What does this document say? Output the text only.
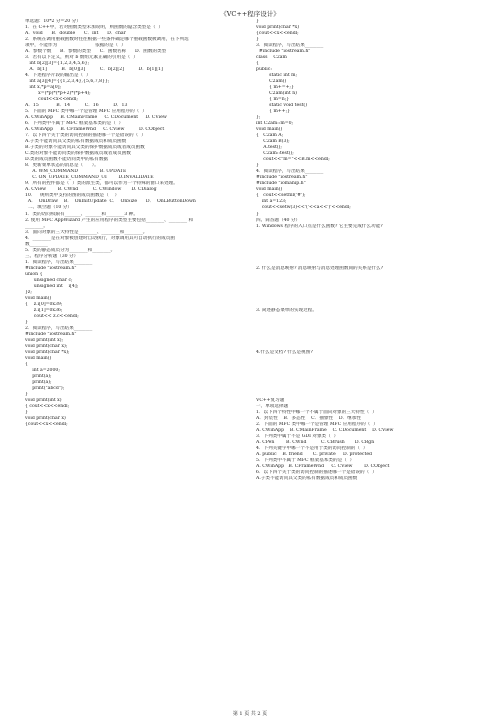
《VC++程序设计》
单选题：10*2 分=20 分）
1．在 C++中，若对函数类型未加说明，则函数的隐含类型是（  ）
A．void      B．double      C．int      D．char
2．系统在调用重载函数时往往根据一些条件确定哪个重载函数被调用，在下列选
项中，不能作为                          依据的是（  ）
A．参数个数      B．参数的类型      C．函数名称      D．函数的类型
3．若有以下定义，则对 b 数组元素正确的引用是（  ）
int b[2][3]={1,2,3,4,5,6};
A．b[1]          B．b[0][3]          C．b[2][2]          D．b[1][1]
4．下述程序片段的输出是（  ）
int a[3][4]={{1,2,3,4},{5,6,7,8}};
int x,*p=a[0];
x=(*p)*(*p+2)*(*p+4);
cout<<x<<endl;
A．15            B．14          C．16          D．13
5．下面的 MFC 类中哪一个是管理 MFC 应用程序的（  ）
A. CWinApp     B. CMainFrame     C. CDocument     D. CView
6．下列类中不属于 MFC 框架基本类的是（  ）
A. CWinApp     B. CFrameWnd     C. CView          D. CObject
7．以下四个关于类的访问控制的描述哪一个是错误的（  ）
A.子类不能访问其父类的私有数据成员和成员函数
B.子类的对象不能访问其父类的保护数据成员或者成员函数
C.类的对象不能访问类的保护数据成员或者成员函数
D.类的成员函数不能访问类中的私有数据
8．更新菜单状态的消息是（      ）。
A. WM_COMMAND               B. UPDATE
C. ON_UPDATE_COMMAND_UI        D.INVALIDATE
9．所有的控件都是（  ）类的派生类，都可以作为一个特殊的窗口来处理。
A. CView        B. CWnd          C. CWindow       D. CDialog
10．   规则类中支持的图的成员函数是（    ）
A．  OnDraw    B．  OnInitUpdate  C．  OnSize      D．  OnLButtonDown
二、填空题（10 分）
1．类的访问权限有_______、_______和________3 种。
2. 使用 MFC AppWizard 产生的应用程序的类型主要包括________、________ 和
________。
3．面向对象的三大特性是________、________和________。
4．________是在对象被创建时自动执行，对象调用其可自动执行的成员函
数________
5．类的静态成员分为________和________。
三、程序分析题（30 分）
1．阅读程序，写出结果________
#include "iostream.h"
union {
unsigned char c;
unsigned int    i[4];
}z;
void main()
{    z.i[0]=0x39;
z.i[1]=0x36;
cout<< z.c<<endl;
}
2．阅读程序，写出结果________
#include "iostream.h"
void print(int x);
void print(char x);
void print(char *x);
void main()
{
int a=2000;
print(a);
print(a);
print("abcd");
}
void print(int x)
{ cout<<x<<endl;
}
void print(char x)
{cout<<x<<endl;
}
void print(char *x)
{cout<<x<<endl;
}
3．阅读程序，写出结果________
#include "iostream.h"
class    C2am
{
public:
static int m;
C2am()
{ m+=+;}
C2am(int n)
{ m=n;}
static void test()
{ m++;}
};
int C2am::m=0;
void main()
{   C2am A;
C2am B(3);
A.test();
C2am::test();
cout<<"m="<<B.m<<endl;
}
4．阅读程序，写出结果________
#include "iostream.h"
#include "iomanip.h"
void main()
{   cout<<setfill('#');
int a=123;
cout<<setw(3)<<'('<<a<<')'<<endl;
}
四、简答题（40 分）
1. Windows 程序的入口点是什么函数? 它主要完成什么功能?
2. 什么是消息映射? 消息映射与消息处理函数间的关系是什么?
3. 简述静态菜单的实现过程。
4.什么是文档? 什么是视图?
VC++复习题
一、单项选择题
1．以下四个特性中哪一个不属于面向对象的三大特性（  ）
A．封装性    B．多态性    C．抽象性    D．继承性
2．下面的 MFC 类中哪一个是管理 MFC 应用程序的（  ）
A. CWinApp    B. CMainFrame    C. CDocument    D. CView
3．下列类中属于不是 GDI 对象类（  ）
A. CPen        B. CWnd          C. CBrush       D. CRgn
4．下列关键字中哪一个不是用于类的访问控制的（  ）
A. public    B. friend       C. private     D. protected
5．下列类中不属于 MFC 框架基本类的是（  ）
A. CWinApp   B. CFrameWnd     C. CView        D. CObject
6．以下四个关于类的访问控制的描述哪一个是错误的（  ）
A.子类不能访问其父类的私有数据成员和成员函数
第 1 页 共 2 页
